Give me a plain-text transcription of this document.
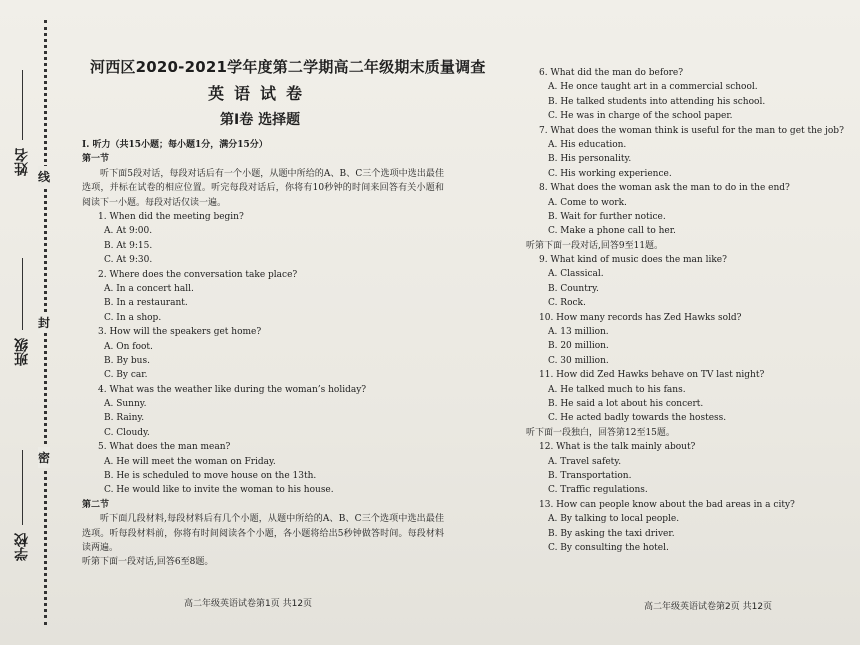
姓名
班级
学校
线
封
密
河西区2020-2021学年度第二学期高二年级期末质量调查
英语试卷
第I卷 选择题
I. 听力（共15小题；每小题1分，满分15分）
第一节
听下面5段对话，每段对话后有一个小题，从题中所给的A、B、C三个选项中选出最佳选项，并标在试卷的相应位置。听完每段对话后，你将有10秒钟的时间来回答有关小题和阅读下一小题。每段对话仅读一遍。
1. When did the meeting begin?
A. At 9:00.
B. At 9:15.
C. At 9:30.
2. Where does the conversation take place?
A. In a concert hall.
B. In a restaurant.
C. In a shop.
3. How will the speakers get home?
A. On foot.
B. By bus.
C. By car.
4. What was the weather like during the woman’s holiday?
A. Sunny.
B. Rainy.
C. Cloudy.
5. What does the man mean?
A. He will meet the woman on Friday.
B. He is scheduled to move house on the 13th.
C. He would like to invite the woman to his house.
第二节
听下面几段材料,每段材料后有几个小题，从题中所给的A、B、C三个选项中选出最佳选项。听每段材料前，你将有时间阅读各个小题，各小题将给出5秒钟做答时间。每段材料读两遍。
听第下面一段对话,回答6至8题。
高二年级英语试卷第1页 共12页
6. What did the man do before?
A. He once taught art in a commercial school.
B. He talked students into attending his school.
C. He was in charge of the school paper.
7. What does the woman think is useful for the man to get the job?
A. His education.
B. His personality.
C. His working experience.
8. What does the woman ask the man to do in the end?
A. Come to work.
B. Wait for further notice.
C. Make a phone call to her.
听第下面一段对话,回答9至11题。
9. What kind of music does the man like?
A. Classical.
B. Country.
C. Rock.
10. How many records has Zed Hawks sold?
A. 13 million.
B. 20 million.
C. 30 million.
11. How did Zed Hawks behave on TV last night?
A. He talked much to his fans.
B. He said a lot about his concert.
C. He acted badly towards the hostess.
听下面一段独白，回答第12至15题。
12. What is the talk mainly about?
A. Travel safety.
B. Transportation.
C. Traffic regulations.
13. How can people know about the bad areas in a city?
A. By talking to local people.
B. By asking the taxi driver.
C. By consulting the hotel.
高二年级英语试卷第2页 共12页
